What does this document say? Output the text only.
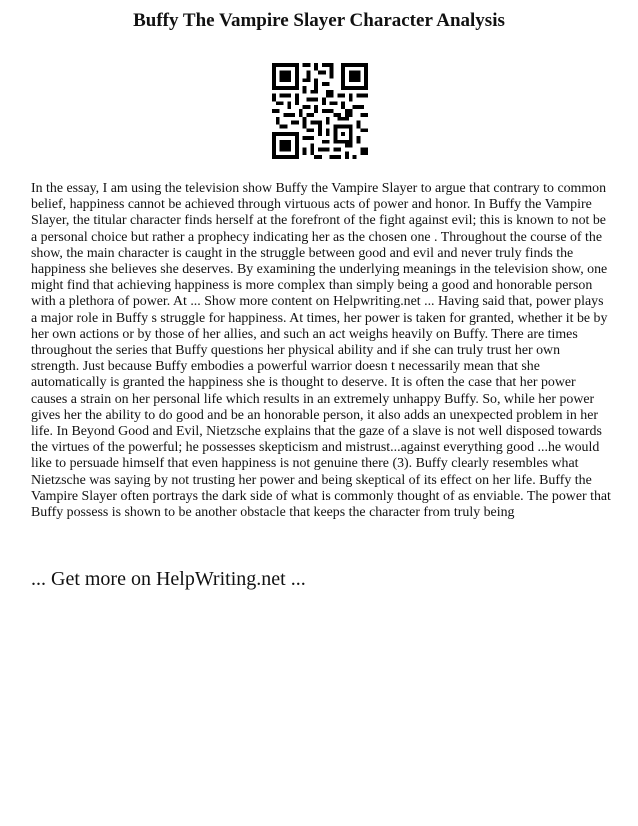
Buffy The Vampire Slayer Character Analysis

In the essay, I am using the television show Buffy the Vampire Slayer to argue that contrary to common belief, happiness cannot be achieved through virtuous acts of power and honor. In Buffy the Vampire Slayer, the titular character finds herself at the forefront of the fight against evil; this is known to not be a personal choice but rather a prophecy indicating her as the chosen one . Throughout the course of the show, the main character is caught in the struggle between good and evil and never truly finds the happiness she believes she deserves. By examining the underlying meanings in the television show, one might find that achieving happiness is more complex than simply being a good and honorable person with a plethora of power. At ... Show more content on Helpwriting.net ... Having said that, power plays a major role in Buffy s struggle for happiness. At times, her power is taken for granted, whether it be by her own actions or by those of her allies, and such an act weighs heavily on Buffy. There are times throughout the series that Buffy questions her physical ability and if she can truly trust her own strength. Just because Buffy embodies a powerful warrior doesn t necessarily mean that she automatically is granted the happiness she is thought to deserve. It is often the case that her power causes a strain on her personal life which results in an extremely unhappy Buffy. So, while her power gives her the ability to do good and be an honorable person, it also adds an unexpected problem in her life. In Beyond Good and Evil, Nietzsche explains that the gaze of a slave is not well disposed towards the virtues of the powerful; he possesses skepticism and mistrust...against everything good ...he would like to persuade himself that even happiness is not genuine there (3). Buffy clearly resembles what Nietzsche was saying by not trusting her power and being skeptical of its effect on her life. Buffy the Vampire Slayer often portrays the dark side of what is commonly thought of as enviable. The power that Buffy possess is shown to be another obstacle that keeps the character from truly being

... Get more on HelpWriting.net ...
